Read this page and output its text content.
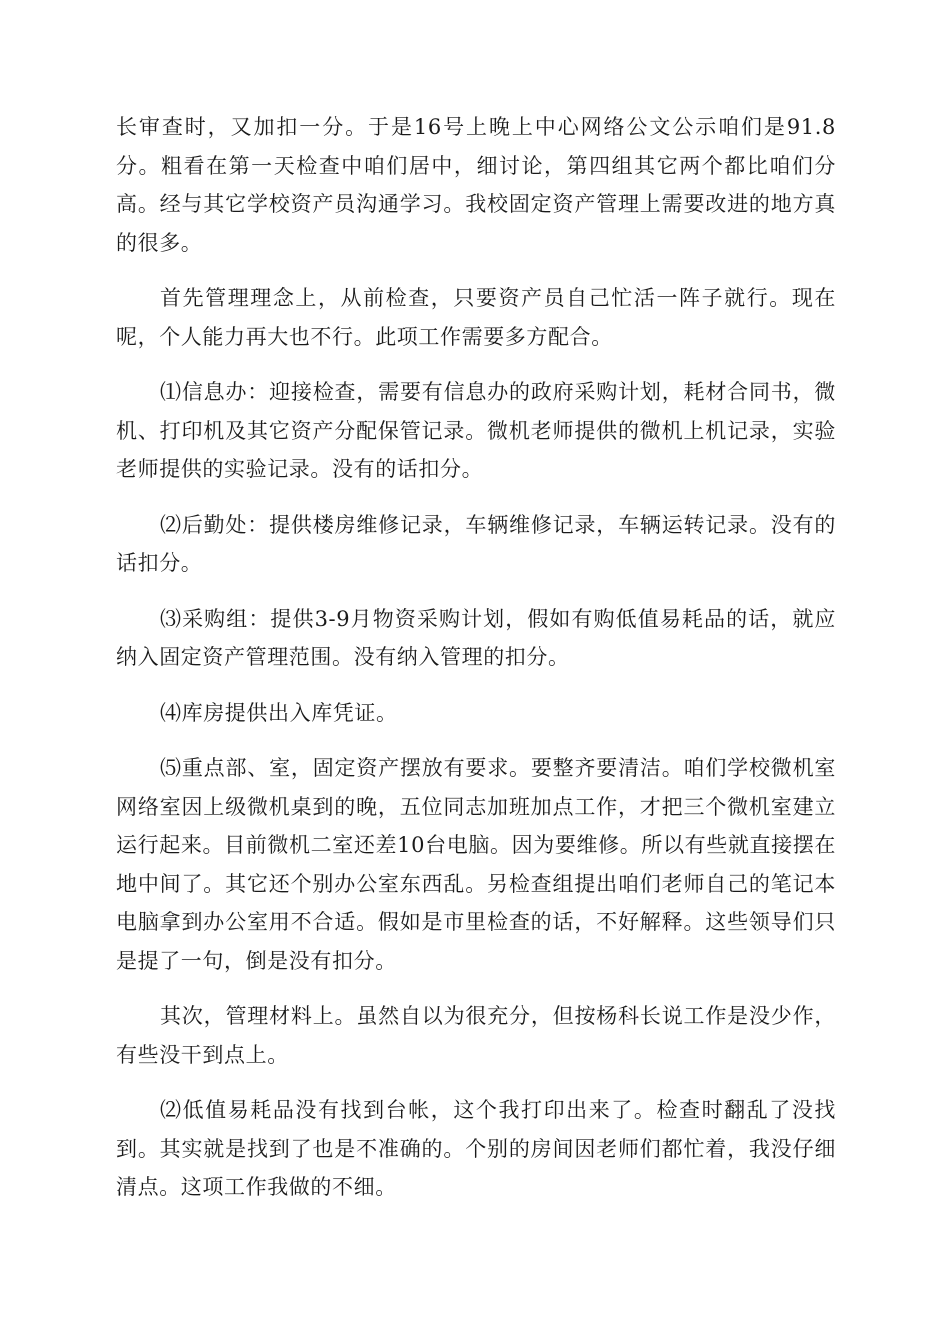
长审查时，又加扣一分。于是16号上晚上中心网络公文公示咱们是91.8分。粗看在第一天检查中咱们居中，细讨论，第四组其它两个都比咱们分高。经与其它学校资产员沟通学习。我校固定资产管理上需要改进的地方真的很多。

首先管理理念上，从前检查，只要资产员自己忙活一阵子就行。现在呢，个人能力再大也不行。此项工作需要多方配合。

⑴信息办：迎接检查，需要有信息办的政府采购计划，耗材合同书，微机、打印机及其它资产分配保管记录。微机老师提供的微机上机记录，实验老师提供的实验记录。没有的话扣分。

⑵后勤处：提供楼房维修记录，车辆维修记录，车辆运转记录。没有的话扣分。

⑶采购组：提供3-9月物资采购计划，假如有购低值易耗品的话，就应纳入固定资产管理范围。没有纳入管理的扣分。

⑷库房提供出入库凭证。

⑸重点部、室，固定资产摆放有要求。要整齐要清洁。咱们学校微机室网络室因上级微机桌到的晚，五位同志加班加点工作，才把三个微机室建立运行起来。目前微机二室还差10台电脑。因为要维修。所以有些就直接摆在地中间了。其它还个别办公室东西乱。另检查组提出咱们老师自己的笔记本电脑拿到办公室用不合适。假如是市里检查的话，不好解释。这些领导们只是提了一句，倒是没有扣分。

其次，管理材料上。虽然自以为很充分，但按杨科长说工作是没少作，有些没干到点上。

⑵低值易耗品没有找到台帐，这个我打印出来了。检查时翻乱了没找到。其实就是找到了也是不准确的。个别的房间因老师们都忙着，我没仔细清点。这项工作我做的不细。
